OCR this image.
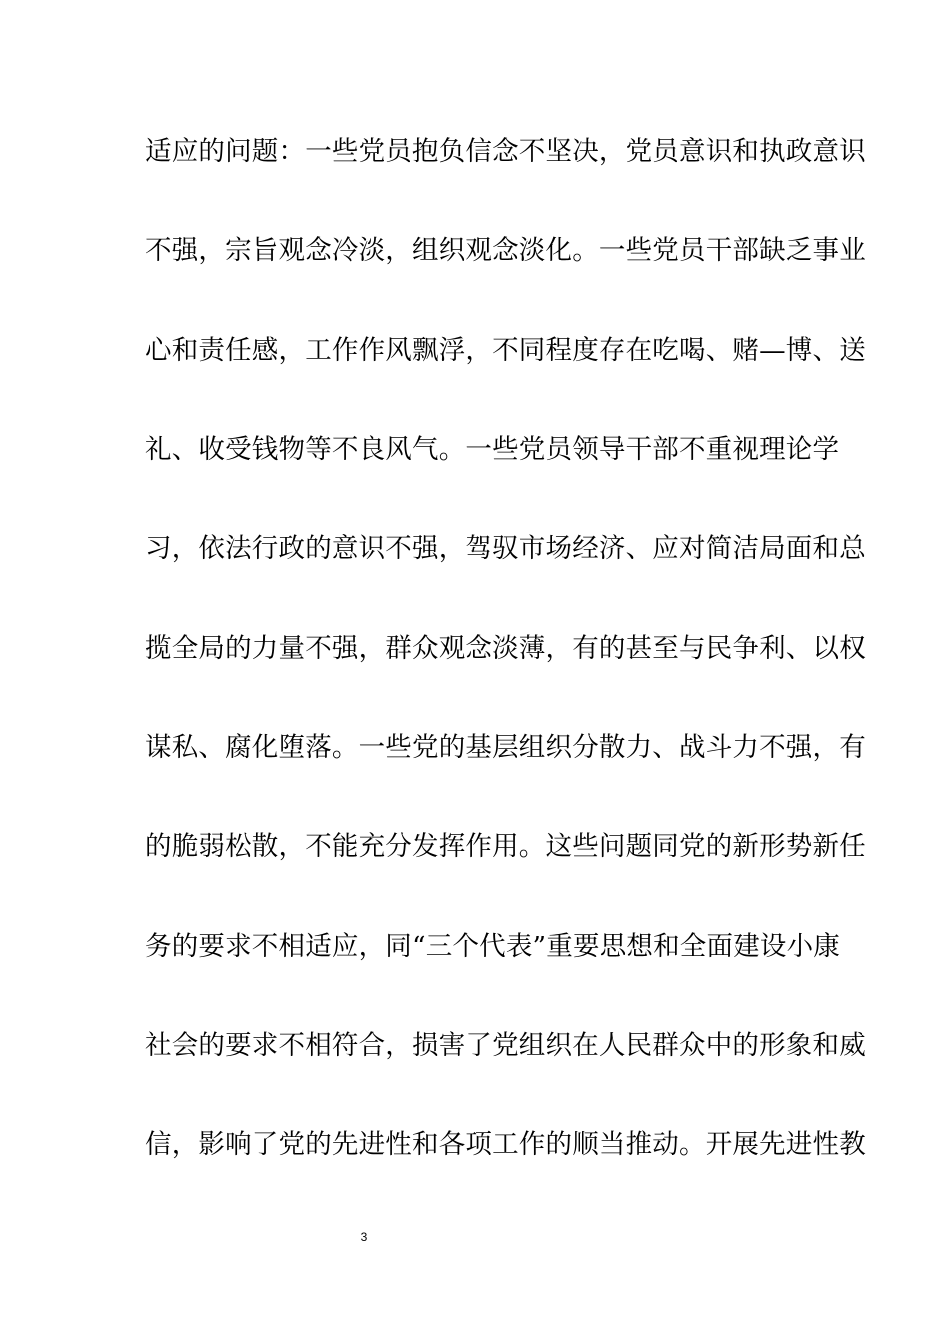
适应的问题：一些党员抱负信念不坚决，党员意识和执政意识
不强，宗旨观念冷淡，组织观念淡化。一些党员干部缺乏事业
心和责任感，工作作风飘浮，不同程度存在吃喝、赌—博、送
礼、收受钱物等不良风气。一些党员领导干部不重视理论学
习，依法行政的意识不强，驾驭市场经济、应对简洁局面和总
揽全局的力量不强，群众观念淡薄，有的甚至与民争利、以权
谋私、腐化堕落。一些党的基层组织分散力、战斗力不强，有
的脆弱松散，不能充分发挥作用。这些问题同党的新形势新任
务的要求不相适应，同“三个代表”重要思想和全面建设小康
社会的要求不相符合，损害了党组织在人民群众中的形象和威
信，影响了党的先进性和各项工作的顺当推动。开展先进性教
3
